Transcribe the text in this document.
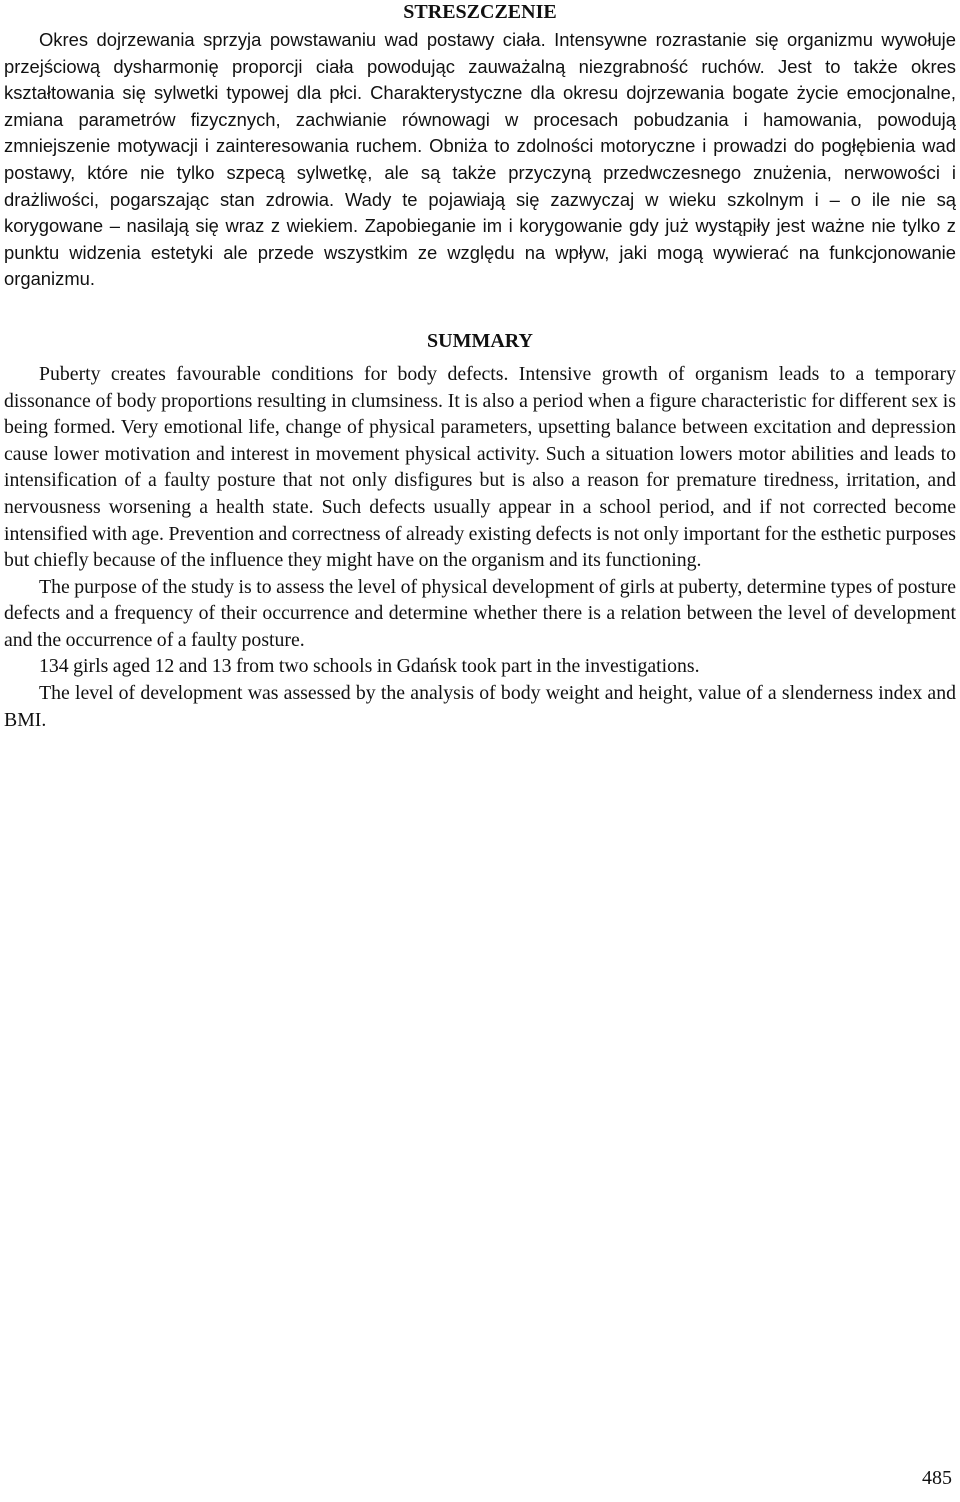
STRESZCZENIE

Okres dojrzewania sprzyja powstawaniu wad postawy ciała. Intensywne rozrastanie się organizmu wywołuje przejściową dysharmonię proporcji ciała powodując zauważalną niezgrabność ruchów. Jest to także okres kształtowania się sylwetki typowej dla płci. Charakterystyczne dla okresu dojrzewania bogate życie emocjonalne, zmiana parametrów fizycznych, zachwianie równowagi w procesach pobudzania i hamowania, powodują zmniejszenie motywacji i zainteresowania ruchem. Obniża to zdolności motoryczne i prowadzi do pogłębienia wad postawy, które nie tylko szpecą sylwetkę, ale są także przyczyną przedwczesnego znużenia, nerwowości i drażliwości, pogarszając stan zdrowia. Wady te pojawiają się zazwyczaj w wieku szkolnym i – o ile nie są korygowane – nasilają się wraz z wiekiem. Zapobieganie im i korygowanie gdy już wystąpiły jest ważne nie tylko z punktu widzenia estetyki ale przede wszystkim ze względu na wpływ, jaki mogą wywierać na funkcjonowanie organizmu.

SUMMARY

Puberty creates favourable conditions for body defects. Intensive growth of organism leads to a temporary dissonance of body proportions resulting in clumsiness. It is also a period when a figure characteristic for different sex is being formed. Very emotional life, change of physical parameters, upsetting balance between excitation and depression cause lower motivation and interest in movement physical activity. Such a situation lowers motor abilities and leads to intensification of a faulty posture that not only disfigures but is also a reason for premature tiredness, irritation, and nervousness worsening a health state. Such defects usually appear in a school period, and if not corrected become intensified with age. Prevention and correctness of already existing defects is not only important for the esthetic purposes but chiefly because of the influence they might have on the organism and its functioning.

The purpose of the study is to assess the level of physical development of girls at puberty, determine types of posture defects and a frequency of their occurrence and determine whether there is a relation between the level of development and the occurrence of a faulty posture.

134 girls aged 12 and 13 from two schools in Gdańsk took part in the investigations.

The level of development was assessed by the analysis of body weight and height, value of a slenderness index and BMI.

485
